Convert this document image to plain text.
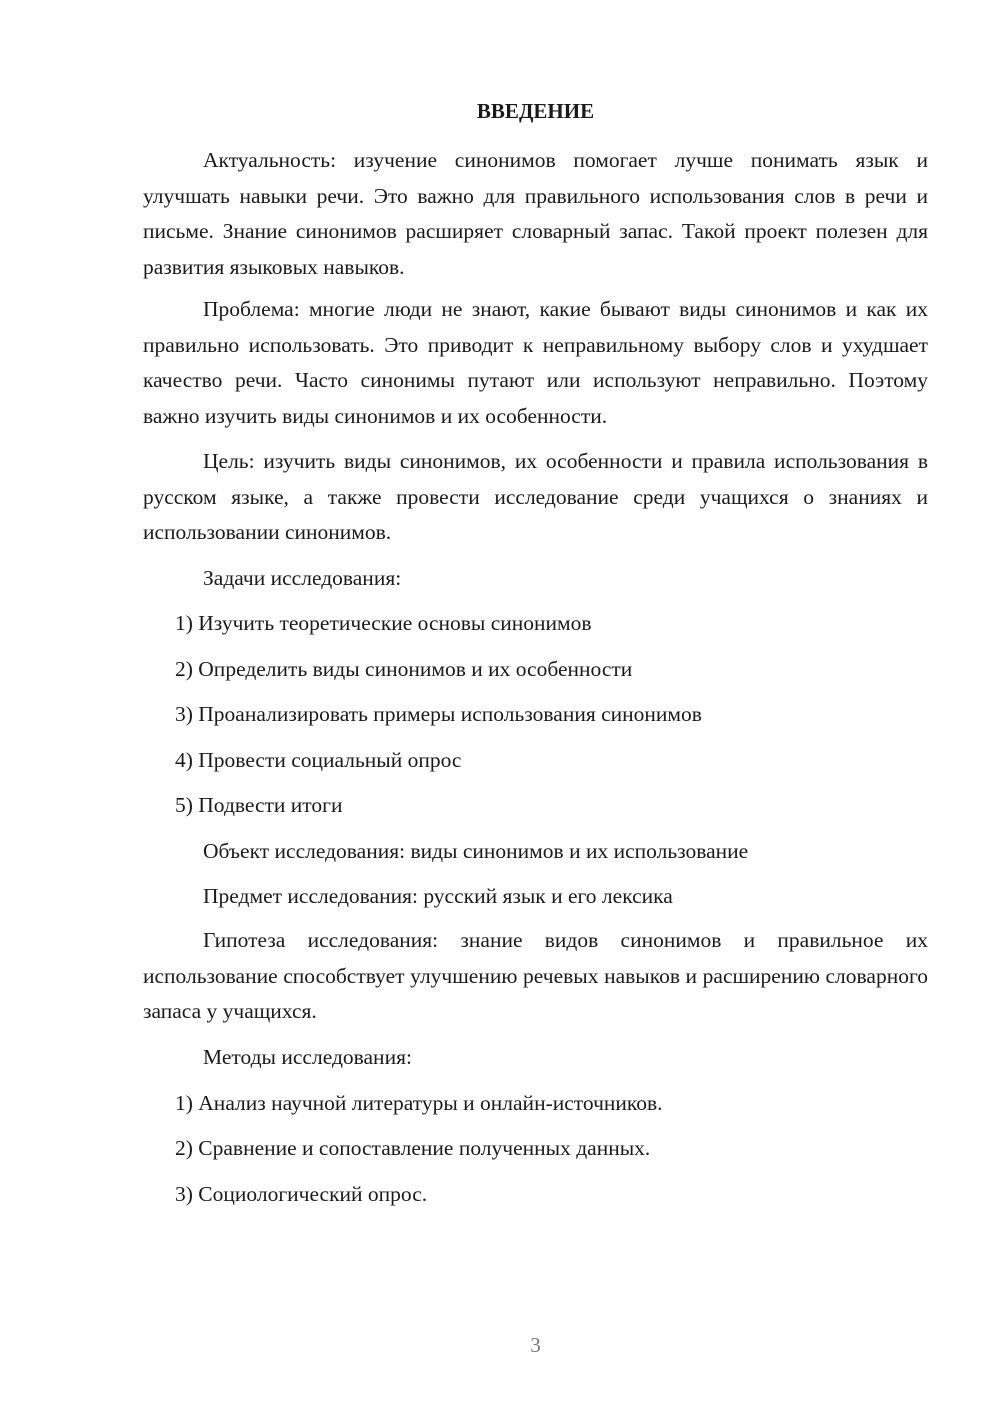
ВВЕДЕНИЕ

Актуальность: изучение синонимов помогает лучше понимать язык и улучшать навыки речи. Это важно для правильного использования слов в речи и письме. Знание синонимов расширяет словарный запас. Такой проект полезен для развития языковых навыков.

Проблема: многие люди не знают, какие бывают виды синонимов и как их правильно использовать. Это приводит к неправильному выбору слов и ухудшает качество речи. Часто синонимы путают или используют неправильно. Поэтому важно изучить виды синонимов и их особенности.

Цель: изучить виды синонимов, их особенности и правила использования в русском языке, а также провести исследование среди учащихся о знаниях и использовании синонимов.

Задачи исследования:

1) Изучить теоретические основы синонимов

2) Определить виды синонимов и их особенности

3) Проанализировать примеры использования синонимов

4) Провести социальный опрос

5) Подвести итоги

Объект исследования: виды синонимов и их использование

Предмет исследования: русский язык и его лексика

Гипотеза исследования: знание видов синонимов и правильное их использование способствует улучшению речевых навыков и расширению словарного запаса у учащихся.

Методы исследования:

1) Анализ научной литературы и онлайн-источников.

2) Сравнение и сопоставление полученных данных.

3) Социологический опрос.

3
